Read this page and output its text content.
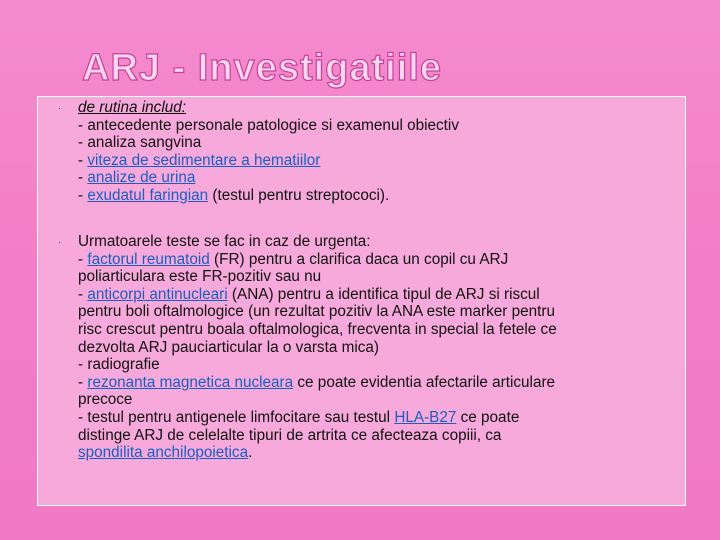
ARJ - Investigatiile
· de rutina includ:
- antecedente personale patologice si examenul obiectiv
- analiza sangvina
- viteza de sedimentare a hematiilor
- analize de urina
- exudatul faringian (testul pentru streptococi).
· Urmatoarele teste se fac in caz de urgenta:
- factorul reumatoid (FR) pentru a clarifica daca un copil cu ARJ
poliarticulara este FR-pozitiv sau nu
- anticorpi antinucleari (ANA) pentru a identifica tipul de ARJ si riscul
pentru boli oftalmologice (un rezultat pozitiv la ANA este marker pentru
risc crescut pentru boala oftalmologica, frecventa in special la fetele ce
dezvolta ARJ pauciarticular la o varsta mica)
- radiografie
- rezonanta magnetica nucleara ce poate evidentia afectarile articulare
precoce
- testul pentru antigenele limfocitare sau testul HLA-B27 ce poate
distinge ARJ de celelalte tipuri de artrita ce afecteaza copiii, ca
spondilita anchilopoietica.
